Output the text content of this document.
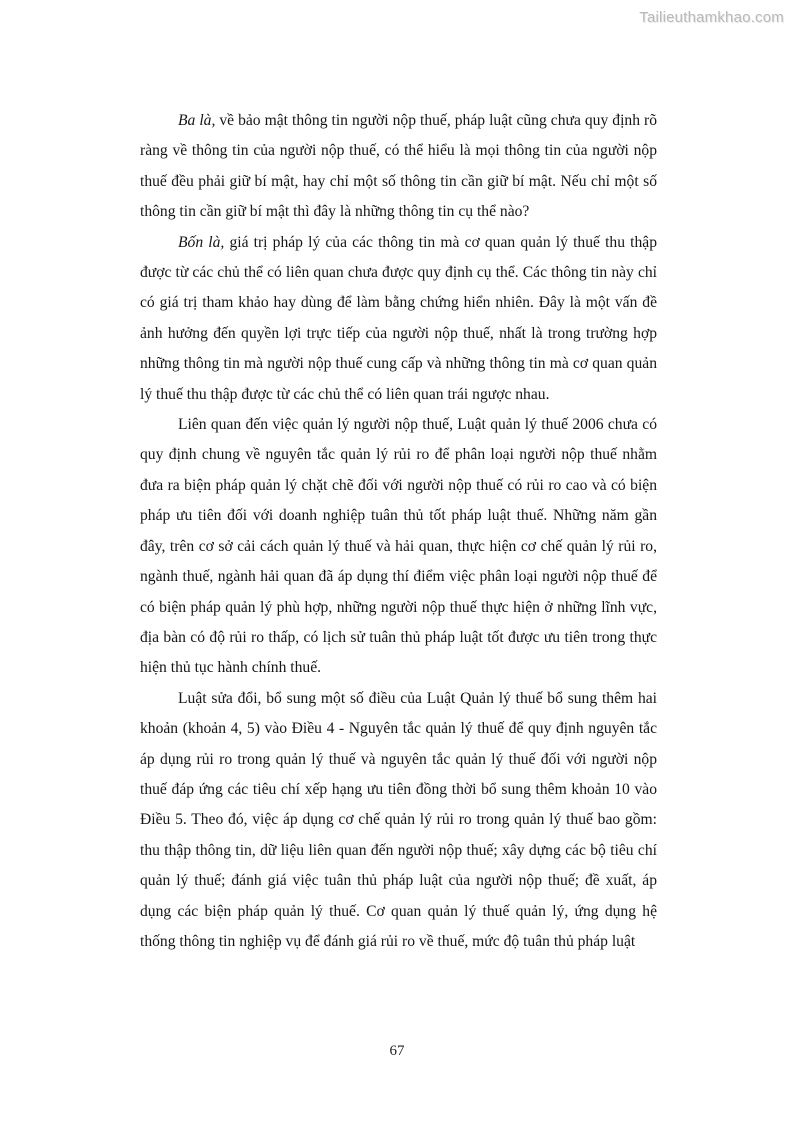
Tailieuthamkhao.com

Ba là, về bảo mật thông tin người nộp thuế, pháp luật cũng chưa quy định rõ ràng về thông tin của người nộp thuế, có thể hiểu là mọi thông tin của người nộp thuế đều phải giữ bí mật, hay chỉ một số thông tin cần giữ bí mật. Nếu chỉ một số thông tin cần giữ bí mật thì đây là những thông tin cụ thể nào?

Bốn là, giá trị pháp lý của các thông tin mà cơ quan quản lý thuế thu thập được từ các chủ thể có liên quan chưa được quy định cụ thể. Các thông tin này chỉ có giá trị tham khảo hay dùng để làm bằng chứng hiển nhiên. Đây là một vấn đề ảnh hưởng đến quyền lợi trực tiếp của người nộp thuế, nhất là trong trường hợp những thông tin mà người nộp thuế cung cấp và những thông tin mà cơ quan quản lý thuế thu thập được từ các chủ thể có liên quan trái ngược nhau.

Liên quan đến việc quản lý người nộp thuế, Luật quản lý thuế 2006 chưa có quy định chung về nguyên tắc quản lý rủi ro để phân loại người nộp thuế nhằm đưa ra biện pháp quản lý chặt chẽ đối với người nộp thuế có rủi ro cao và có biện pháp ưu tiên đối với doanh nghiệp tuân thủ tốt pháp luật thuế. Những năm gần đây, trên cơ sở cải cách quản lý thuế và hải quan, thực hiện cơ chế quản lý rủi ro, ngành thuế, ngành hải quan đã áp dụng thí điểm việc phân loại người nộp thuế để có biện pháp quản lý phù hợp, những người nộp thuế thực hiện ở những lĩnh vực, địa bàn có độ rủi ro thấp, có lịch sử tuân thủ pháp luật tốt được ưu tiên trong thực hiện thủ tục hành chính thuế.

Luật sửa đổi, bổ sung một số điều của Luật Quản lý thuế bổ sung thêm hai khoản (khoản 4, 5) vào Điều 4 - Nguyên tắc quản lý thuế để quy định nguyên tắc áp dụng rủi ro trong quản lý thuế và nguyên tắc quản lý thuế đối với người nộp thuế đáp ứng các tiêu chí xếp hạng ưu tiên đồng thời bổ sung thêm khoản 10 vào Điều 5. Theo đó, việc áp dụng cơ chế quản lý rủi ro trong quản lý thuế bao gồm: thu thập thông tin, dữ liệu liên quan đến người nộp thuế; xây dựng các bộ tiêu chí quản lý thuế; đánh giá việc tuân thủ pháp luật của người nộp thuế; đề xuất, áp dụng các biện pháp quản lý thuế. Cơ quan quản lý thuế quản lý, ứng dụng hệ thống thông tin nghiệp vụ để đánh giá rủi ro về thuế, mức độ tuân thủ pháp luật

67
